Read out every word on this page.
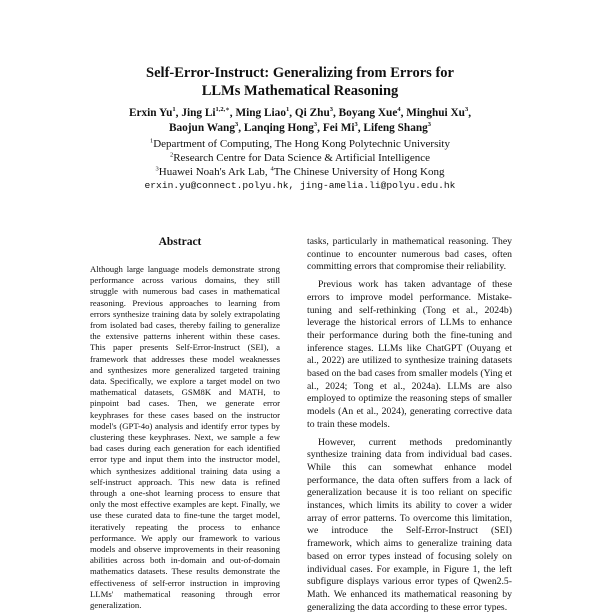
Self-Error-Instruct: Generalizing from Errors for
LLMs Mathematical Reasoning
Erxin Yu$^1$, Jing $Li^{1,2,∗}$, Ming Liao$^1$, Qi Zhu$^3$, Boyang Xue$^4$, Minghui Xu$^3$,
Baojun Wang$^3$, Lanqing Hong$^3$, Fei Mi$^3$, Lifeng Shang$^3$
$^1$Department of Computing, The Hong Kong Polytechnic University
$^2$Research Centre for Data Science & Artificial Intelligence
$^3$Huawei Noah's Ark Lab, $^4$The Chinese University of Hong Kong
erxin.yu@connect.polyu.hk, jing-amelia.li@polyu.edu.hk
Abstract

Although large language models demonstrate strong performance across various domains, they still struggle with numerous bad cases in mathematical reasoning. Previous approaches to learning from errors synthesize training data by solely extrapolating from isolated bad cases, thereby failing to generalize the extensive patterns inherent within these cases. This paper presents Self-Error-Instruct (SEI), a framework that addresses these model weaknesses and synthesizes more generalized targeted training data. Specifically, we explore a target model on two mathematical datasets, GSM8K and MATH, to pinpoint bad cases. Then, we generate error keyphrases for these cases based on the instructor model's (GPT-4o) analysis and identify error types by clustering these keyphrases. Next, we sample a few bad cases during each generation for each identified error type and input them into the instructor model, which synthesizes additional training data using a self-instruct approach. This new data is refined through a one-shot learning process to ensure that only the most effective examples are kept. Finally, we use these curated data to fine-tune the target model, iteratively repeating the process to enhance performance. We apply our framework to various models and observe improvements in their reasoning abilities across both in-domain and out-of-domain mathematics datasets. These results demonstrate the effectiveness of self-error instruction in improving LLMs' mathematical reasoning through error generalization.

tasks, particularly in mathematical reasoning. They continue to encounter numerous bad cases, often committing errors that compromise their reliability.

Previous work has taken advantage of these errors to improve model performance. Mistake-tuning and self-rethinking (Tong et al., 2024b) leverage the historical errors of LLMs to enhance their performance during both the fine-tuning and inference stages. LLMs like ChatGPT (Ouyang et al., 2022) are utilized to synthesize training datasets based on the bad cases from smaller models (Ying et al., 2024; Tong et al., 2024a). LLMs are also employed to optimize the reasoning steps of smaller models (An et al., 2024), generating corrective data to train these models.

However, current methods predominantly synthesize training data from individual bad cases. While this can somewhat enhance model performance, the data often suffers from a lack of generalization because it is too reliant on specific instances, which limits its ability to cover a wider array of error patterns. To overcome this limitation, we introduce the Self-Error-Instruct (SEI) framework, which aims to generalize training data based on error types instead of focusing solely on individual cases. For example, in Figure 1, the left subfigure displays various error types of Qwen2.5-Math. We enhanced its mathematical reasoning by generalizing the data according to these error types.
